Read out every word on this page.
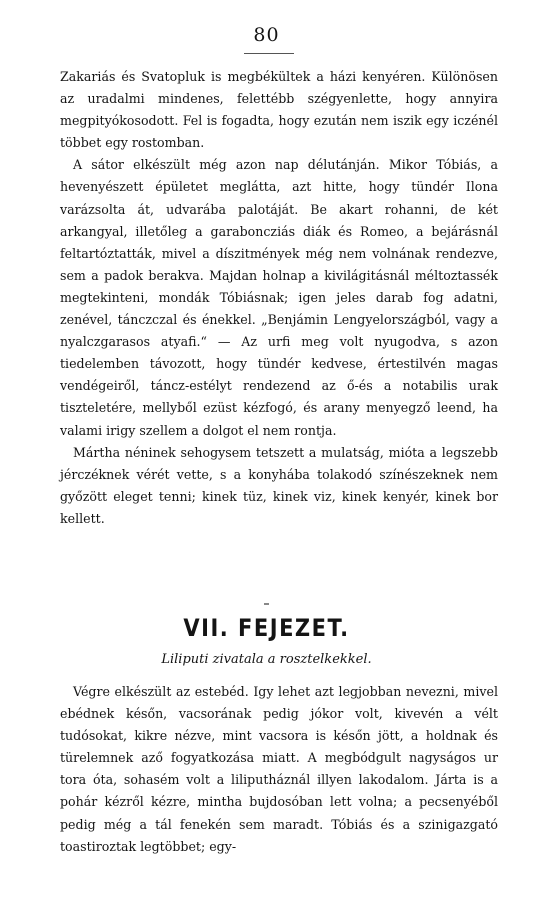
80

Zakariás és Svatopluk is megbékültek a házi kenyéren. Különösen az uradalmi mindenes, felettébb szégyenlette, hogy annyira megpityókosodott. Fel is fogadta, hogy ezután nem iszik egy iczénél többet egy rostomban.

A sátor elkészült még azon nap délutánján. Mikor Tóbiás, a hevenyészett épületet meglátta, azt hitte, hogy tündér Ilona varázsolta át, udvarába palotáját. Be akart rohanni, de két arkangyal, illetőleg a garaboncziás diák és Romeo, a bejárásnál feltartóztatták, mivel a díszitmények még nem volnának rendezve, sem a padok berakva. Majdan holnap a kivilágitásnál méltoztassék megtekinteni, mondák Tóbiásnak; igen jeles darab fog adatni, zenével, tánczczal és énekkel. „Benjámin Lengyelországból, vagy a nyalczgarasos atyafi.“ — Az urfi meg volt nyugodva, s azon tiedelemben távozott, hogy tündér kedvese, értestilvén magas vendégeiről, táncz-estélyt rendezend az ő-és a notabilis urak tiszteletére, mellyből ezüst kézfogó, és arany menyegző leend, ha valami irigy szellem a dolgot el nem rontja.

Mártha néninek sehogysem tetszett a mulatság, mióta a legszebb jérczéknek vérét vette, s a konyhába tolakodó színészeknek nem győzött eleget tenni; kinek tüz, kinek viz, kinek kenyér, kinek bor kellett.

VII. FEJEZET.
Liliputi zivatala a rosztelkekkel.

Végre elkészült az estebéd. Igy lehet azt legjobban nevezni, mivel ebédnek későn, vacsorának pedig jókor volt, kivevén a vélt tudósokat, kikre nézve, mint vacsora is későn jött, a holdnak és türelemnek aző fogyatkozása miatt. A megbódgult nagyságos ur tora óta, sohasém volt a liliputháznál illyen lakodalom. Járta is a pohár kézről kézre, mintha bujdosóban lett volna; a pecsenyéből pedig még a tál fenekén sem maradt. Tóbiás és a szinigazgató toastiroztak legtöbbet; egy-
